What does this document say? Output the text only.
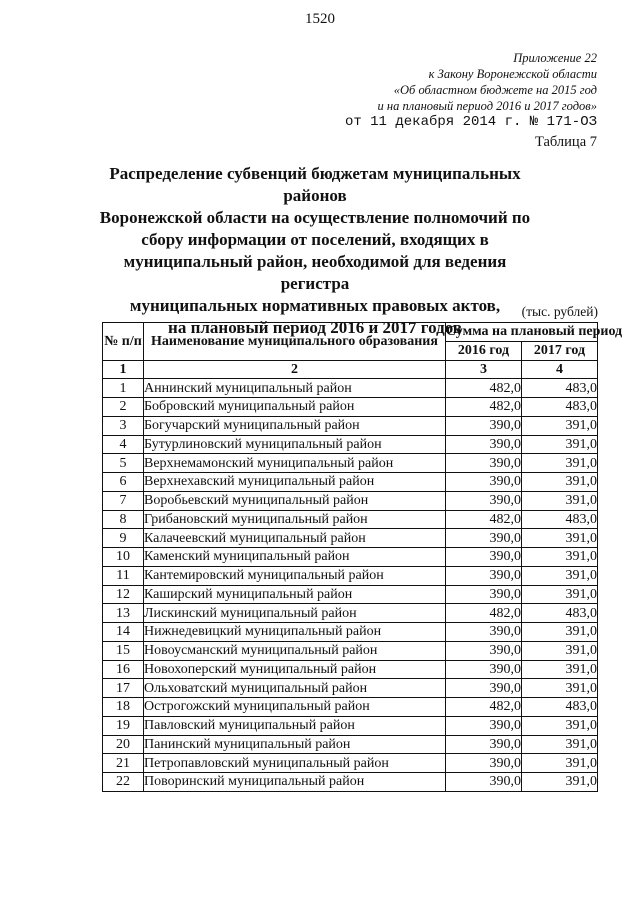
1520
Приложение 22
к Закону Воронежской области
«Об областном бюджете на 2015 год
и на плановый период 2016 и 2017 годов»
от 11 декабря 2014 г. № 171-ОЗ
Таблица 7
Распределение субвенций бюджетам муниципальных районов
Воронежской области на осуществление полномочий по
сбору информации от поселений, входящих в
муниципальный район, необходимой для ведения регистра
муниципальных нормативных правовых актов,
на плановый период 2016 и 2017 годов
(тыс. рублей)
№ п/п	Наименование муниципального образования	Сумма на плановый период	
		2016 год	2017 год
1	2	3	4
1	Аннинский муниципальный район	482,0	483,0
2	Бобровский муниципальный район	482,0	483,0
3	Богучарский муниципальный район	390,0	391,0
4	Бутурлиновский муниципальный район	390,0	391,0
5	Верхнемамонский муниципальный район	390,0	391,0
6	Верхнехавский муниципальный район	390,0	391,0
7	Воробьевский муниципальный район	390,0	391,0
8	Грибановский муниципальный район	482,0	483,0
9	Калачеевский муниципальный район	390,0	391,0
10	Каменский муниципальный район	390,0	391,0
11	Кантемировский муниципальный район	390,0	391,0
12	Каширский муниципальный район	390,0	391,0
13	Лискинский муниципальный район	482,0	483,0
14	Нижнедевицкий муниципальный район	390,0	391,0
15	Новоусманский муниципальный район	390,0	391,0
16	Новохоперский муниципальный район	390,0	391,0
17	Ольховатский муниципальный район	390,0	391,0
18	Острогожский муниципальный район	482,0	483,0
19	Павловский муниципальный район	390,0	391,0
20	Панинский муниципальный район	390,0	391,0
21	Петропавловский муниципальный район	390,0	391,0
22	Поворинский муниципальный район	390,0	391,0
